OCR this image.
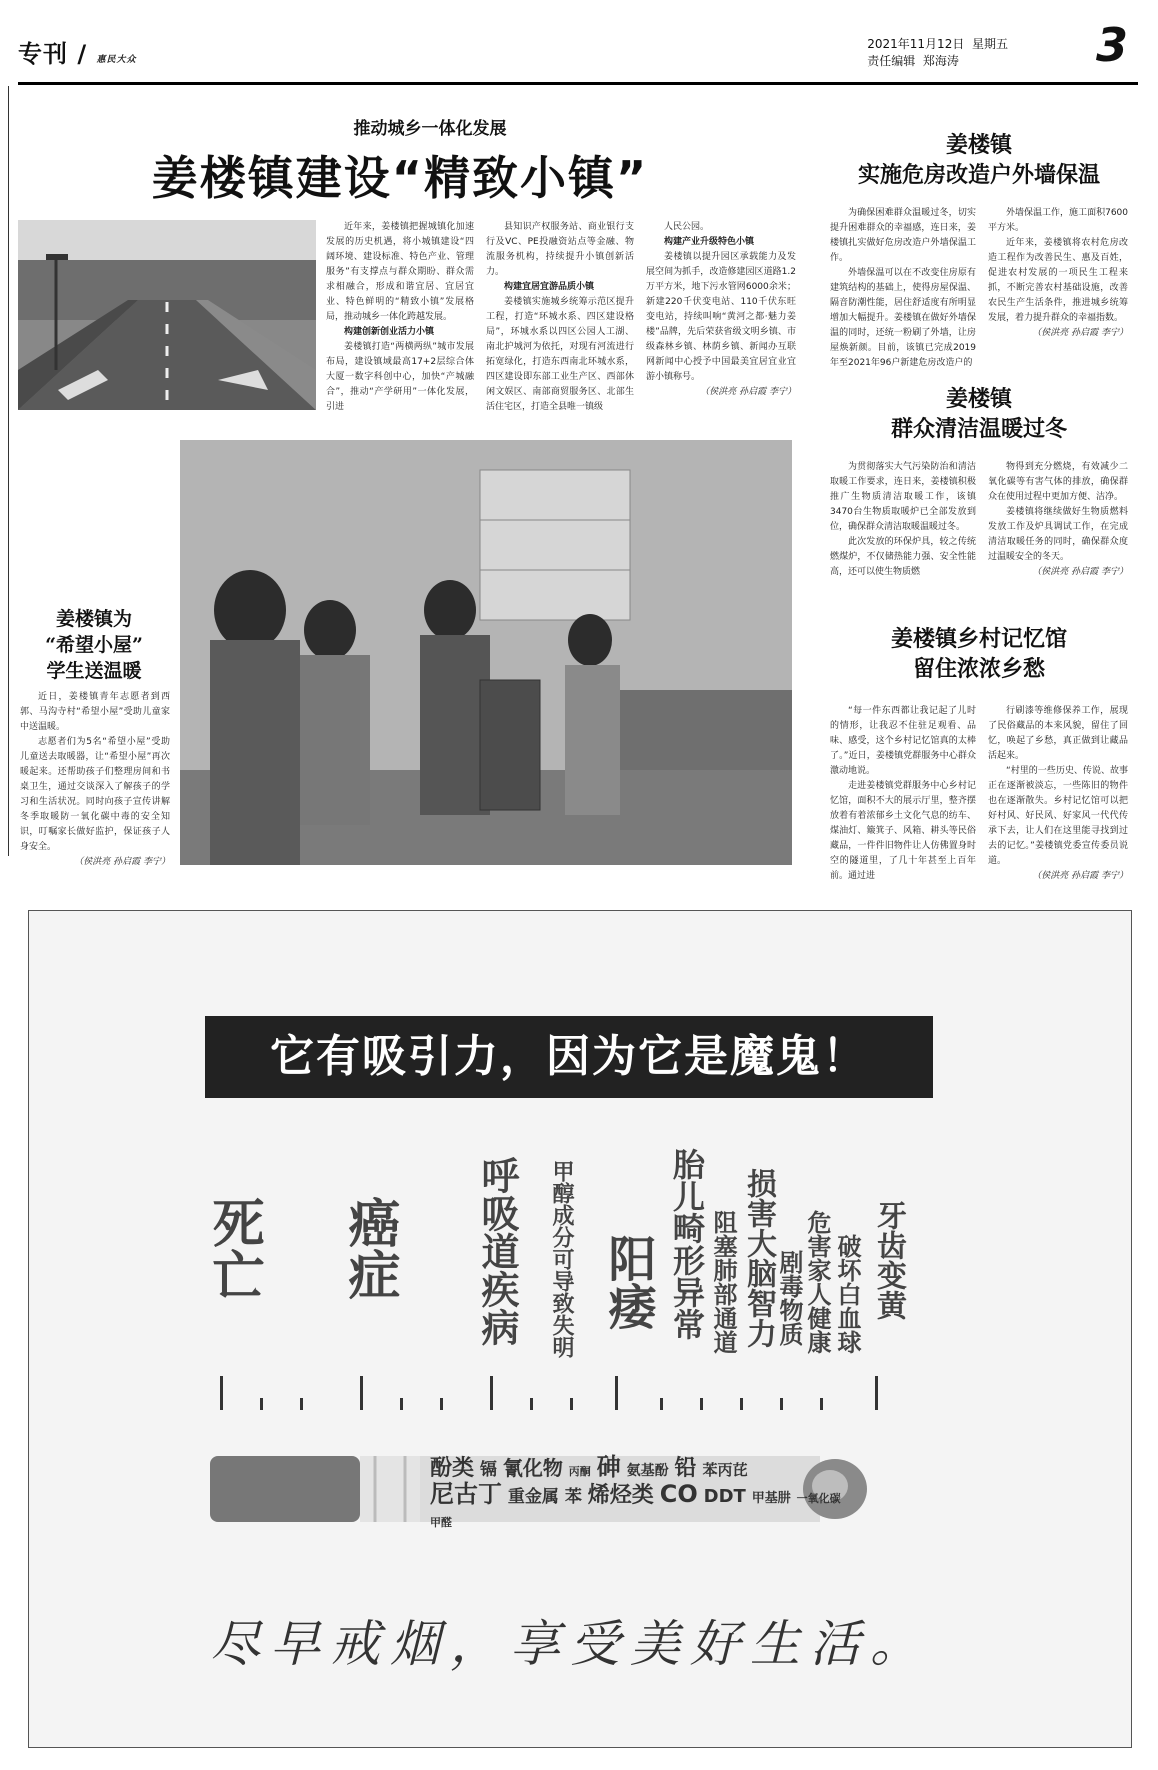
专刊 / 惠民大众
2021年11月12日 星期五
责任编辑 郑海涛	3
推动城乡一体化发展
姜楼镇建设“精致小镇”

近年来，姜楼镇把握城镇化加速发展的历史机遇，将小城镇建设“四阔环境、建设标准、特色产业、管理服务”有支撑点与群众期盼、群众需求相融合，形成和谐宜居、宜居宜业、特色鲜明的“精致小镇”发展格局，推动城乡一体化跨越发展。

构建创新创业活力小镇

姜楼镇打造“两横两纵”城市发展布局，建设镇域最高17+2层综合体大厦一数字科创中心，加快“产城融合”，推动“产学研用”一体化发展，引进

县知识产权服务站、商业银行支行及VC、PE投融资站点等金融、物流服务机构，持续提升小镇创新活力。

构建宜居宜游品质小镇

姜楼镇实施城乡统筹示范区提升工程，打造“环城水系、四区建设格局”，环城水系以四区公园人工湖、南北护城河为依托，对现有河流进行拓宽绿化，打造东西南北环城水系，四区建设即东部工业生产区、西部休闲文娱区、南部商贸服务区、北部生活住宅区，打造全县唯一镇级

人民公园。

构建产业升级特色小镇

姜楼镇以提升园区承载能力及发展空间为抓手，改造修建园区道路1.2万平方米，地下污水管网6000余米；新建220千伏变电站、110千伏东旺变电站，持续叫响“黄河之都·魅力姜楼”品牌，先后荣获省级文明乡镇、市级森林乡镇、林荫乡镇、新闻办互联网新闻中心授予中国最美宜居宜业宜游小镇称号。

（侯洪亮 孙启霞 李宁）

姜楼镇
实施危房改造户外墙保温

为确保困难群众温暖过冬，切实提升困难群众的幸福感，连日来，姜楼镇扎实做好危房改造户外墙保温工作。

外墙保温可以在不改变住房原有建筑结构的基础上，使得房屋保温、隔音防潮性能，居住舒适度有所明显增加大幅提升。姜楼镇在做好外墙保温的同时，还统一粉刷了外墙，让房屋焕新颜。目前，该镇已完成2019年至2021年96户新建危房改造户的

外墙保温工作，施工面积7600平方米。

近年来，姜楼镇将农村危房改造工程作为改善民生、惠及百姓，促进农村发展的一项民生工程来抓，不断完善农村基础设施，改善农民生产生活条件，推进城乡统筹发展，着力提升群众的幸福指数。

（侯洪亮 孙启霞 李宁）

姜楼镇
群众清洁温暖过冬

为贯彻落实大气污染防治和清洁取暖工作要求，连日来，姜楼镇积极推广生物质清洁取暖工作，该镇3470台生物质取暖炉已全部发放到位，确保群众清洁取暖温暖过冬。

此次发放的环保炉具，较之传统燃煤炉，不仅储热能力强、安全性能高，还可以使生物质燃

物得到充分燃烧，有效减少二氧化碳等有害气体的排放，确保群众在使用过程中更加方便、洁净。

姜楼镇将继续做好生物质燃料发放工作及炉具调试工作，在完成清洁取暖任务的同时，确保群众度过温暖安全的冬天。

（侯洪亮 孙启霞 李宁）

姜楼镇乡村记忆馆
留住浓浓乡愁

“每一件东西都让我记起了儿时的情形，让我忍不住驻足观看、品味、感受，这个乡村记忆馆真的太棒了。”近日，姜楼镇党群服务中心群众激动地说。

走进姜楼镇党群服务中心乡村记忆馆，面积不大的展示厅里，整齐摆放着有着浓郁乡土文化气息的纺车、煤油灯、簸箕子、风箱、耕头等民俗藏品，一件件旧物件让人仿佛置身时空的隧道里，了几十年甚至上百年前。通过进

行刷漆等维修保养工作，展现了民俗藏品的本来风貌，留住了回忆，唤起了乡愁，真正做到让藏品活起来。

“村里的一些历史、传说、故事正在逐渐被淡忘，一些陈旧的物件也在逐渐散失。乡村记忆馆可以把好村风、好民风、好家风一代代传承下去，让人们在这里能寻找到过去的记忆。”姜楼镇党委宣传委员说道。

（侯洪亮 孙启霞 李宁）

姜楼镇为
“希望小屋”
学生送温暖

近日，姜楼镇青年志愿者到西郭、马沟寺村“希望小屋”受助儿童家中送温暖。

志愿者们为5名“希望小屋”受助儿童送去取暖器，让“希望小屋”再次暖起来。还帮助孩子们整理房间和书桌卫生，通过交谈深入了解孩子的学习和生活状况。同时向孩子宣传讲解冬季取暖防一氧化碳中毒的安全知识，叮嘱家长做好监护，保证孩子人身安全。

（侯洪亮 孙启霞 李宁）

它有吸引力，因为它是魔鬼！
死亡 癌症 呼吸道疾病 甲醇成分可导致失明 阳痿 胎儿畸形异常 阻塞肺部通道 损害大脑智力 剧毒物质 危害家人健康 破坏白血球 牙齿变黄
酚类 镉 氰化物 丙酮 砷 氨基酚 铅 苯丙芘
尼古丁 重金属 苯 烯烃类 CO DDT 甲基肼 一氧化碳 甲醛
尽早戒烟，享受美好生活。
